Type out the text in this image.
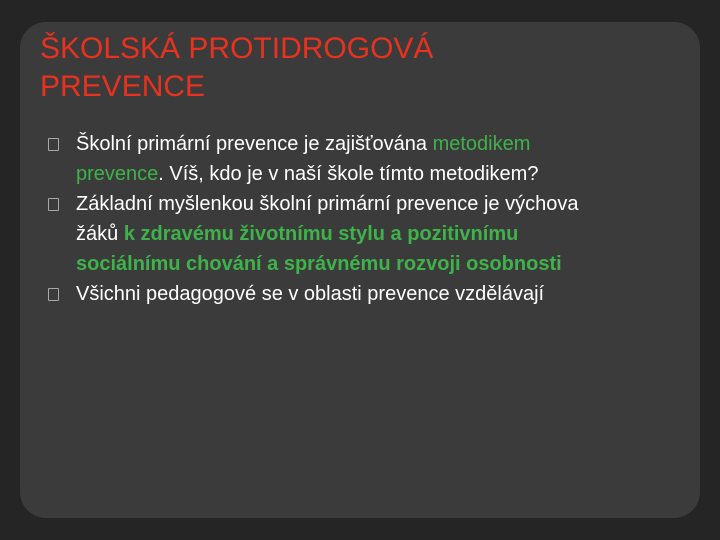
ŠKOLSKÁ PROTIDROGOVÁ
PREVENCE
Školní primární prevence je zajišťována metodikem prevence. Víš, kdo je v naší škole tímto metodikem?
Základní myšlenkou školní primární prevence je výchova žáků k zdravému životnímu stylu a pozitivnímu sociálnímu chování a správnému rozvoji osobnosti
Všichni pedagogové se v oblasti prevence vzdělávají
